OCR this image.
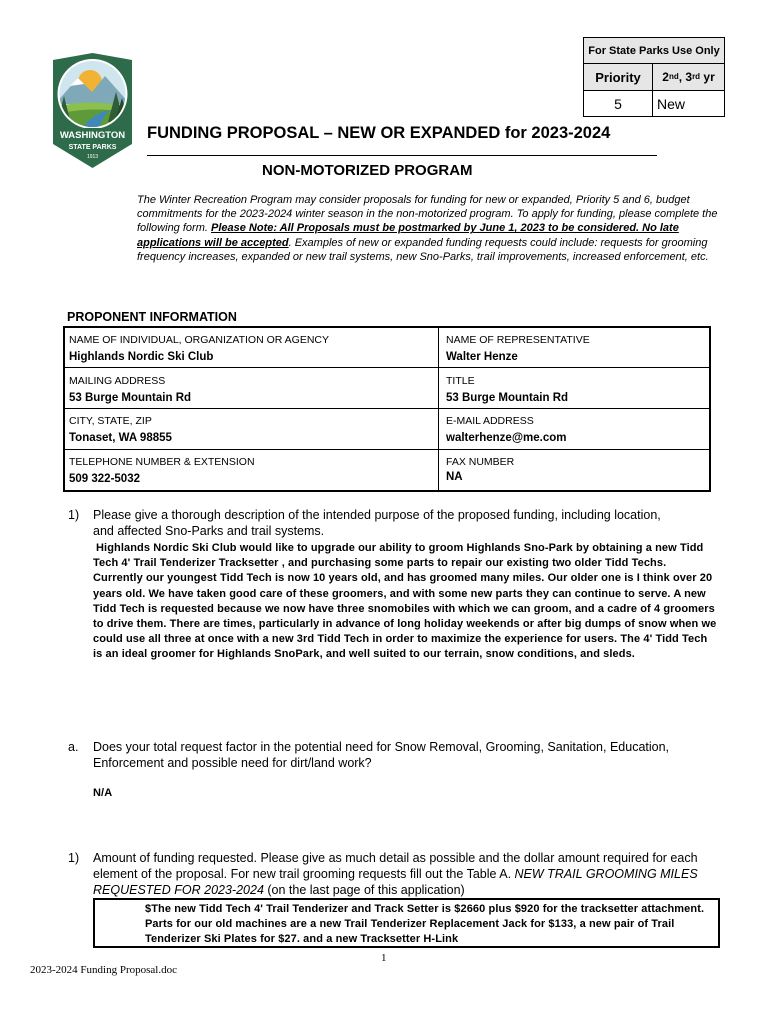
WASHINGTON
STATE PARKS
1913
For State Parks Use Only
Priority	2 nd , 3 rd yr
5	New
FUNDING PROPOSAL – NEW OR EXPANDED for 2023-2024
NON-MOTORIZED PROGRAM
The Winter Recreation Program may consider proposals for funding for new or expanded, Priority 5 and 6, budget commitments for the 2023-2024 winter season in the non-motorized program. To apply for funding, please complete the following form. Please Note: All Proposals must be postmarked by June 1, 2023 to be considered. No late applications will be accepted. Examples of new or expanded funding requests could include: requests for grooming frequency increases, expanded or new trail systems, new Sno-Parks, trail improvements, increased enforcement, etc.
PROPONENT INFORMATION
NAME OF INDIVIDUAL, ORGANIZATION OR AGENCY
Highlands Nordic Ski Club
NAME OF REPRESENTATIVE
Walter Henze
MAILING ADDRESS
53 Burge Mountain Rd
TITLE
53 Burge Mountain Rd
CITY, STATE, ZIP
Tonaset, WA 98855
E-MAIL ADDRESS
walterhenze@me.com
TELEPHONE NUMBER & EXTENSION
509 322-5032
FAX NUMBER
NA
1) Please give a thorough description of the intended purpose of the proposed funding, including location, and affected Sno-Parks and trail systems.
Highlands Nordic Ski Club would like to upgrade our ability to groom Highlands Sno-Park by obtaining a new Tidd Tech 4' Trail Tenderizer Tracksetter , and purchasing some parts to repair our existing two older Tidd Techs. Currently our youngest Tidd Tech is now 10 years old, and has groomed many miles. Our older one is I think over 20 years old. We have taken good care of these groomers, and with some new parts they can continue to serve. A new Tidd Tech is requested because we now have three snomobiles with which we can groom, and a cadre of 4 groomers to drive them. There are times, particularly in advance of long holiday weekends or after big dumps of snow when we could use all three at once with a new 3rd Tidd Tech in order to maximize the experience for users. The 4' Tidd Tech is an ideal groomer for Highlands SnoPark, and well suited to our terrain, snow conditions, and sleds.
a. Does your total request factor in the potential need for Snow Removal, Grooming, Sanitation, Education, Enforcement and possible need for dirt/land work?
N/A
1) Amount of funding requested. Please give as much detail as possible and the dollar amount required for each element of the proposal. For new trail grooming requests fill out the Table A. NEW TRAIL GROOMING MILES REQUESTED FOR 2023-2024 (on the last page of this application)
$The new Tidd Tech 4' Trail Tenderizer and Track Setter is $2660 plus $920 for the tracksetter attachment. Parts for our old machines are a new Trail Tenderizer Replacement Jack for $133, a new pair of Trail Tenderizer Ski Plates for $27. and a new Tracksetter H-Link
1
2023-2024 Funding Proposal.doc
